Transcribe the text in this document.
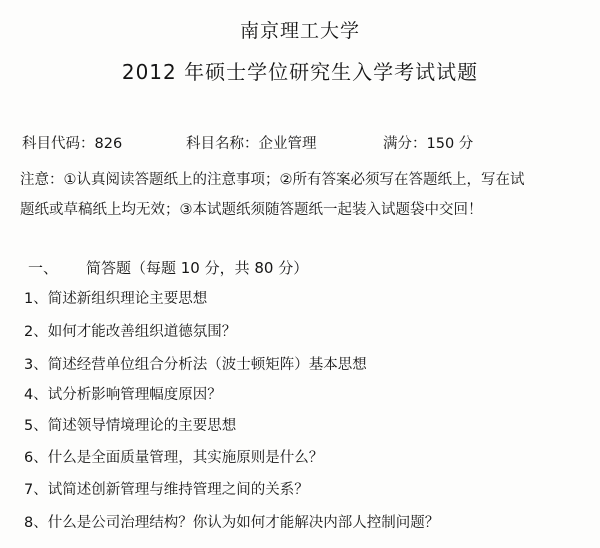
南京理工大学
2012 年硕士学位研究生入学考试试题
科目代码：826	科目名称：企业管理	满分：150 分
注意：①认真阅读答题纸上的注意事项；②所有答案必须写在答题纸上，写在试
题纸或草稿纸上均无效；③本试题纸须随答题纸一起装入试题袋中交回！
一、 简答题（每题 10 分，共 80 分）
1、简述新组织理论主要思想
2、如何才能改善组织道德氛围？
3、简述经营单位组合分析法（波士顿矩阵）基本思想
4、试分析影响管理幅度原因？
5、简述领导情境理论的主要思想
6、什么是全面质量管理，其实施原则是什么？
7、试简述创新管理与维持管理之间的关系？
8、什么是公司治理结构？你认为如何才能解决内部人控制问题？
